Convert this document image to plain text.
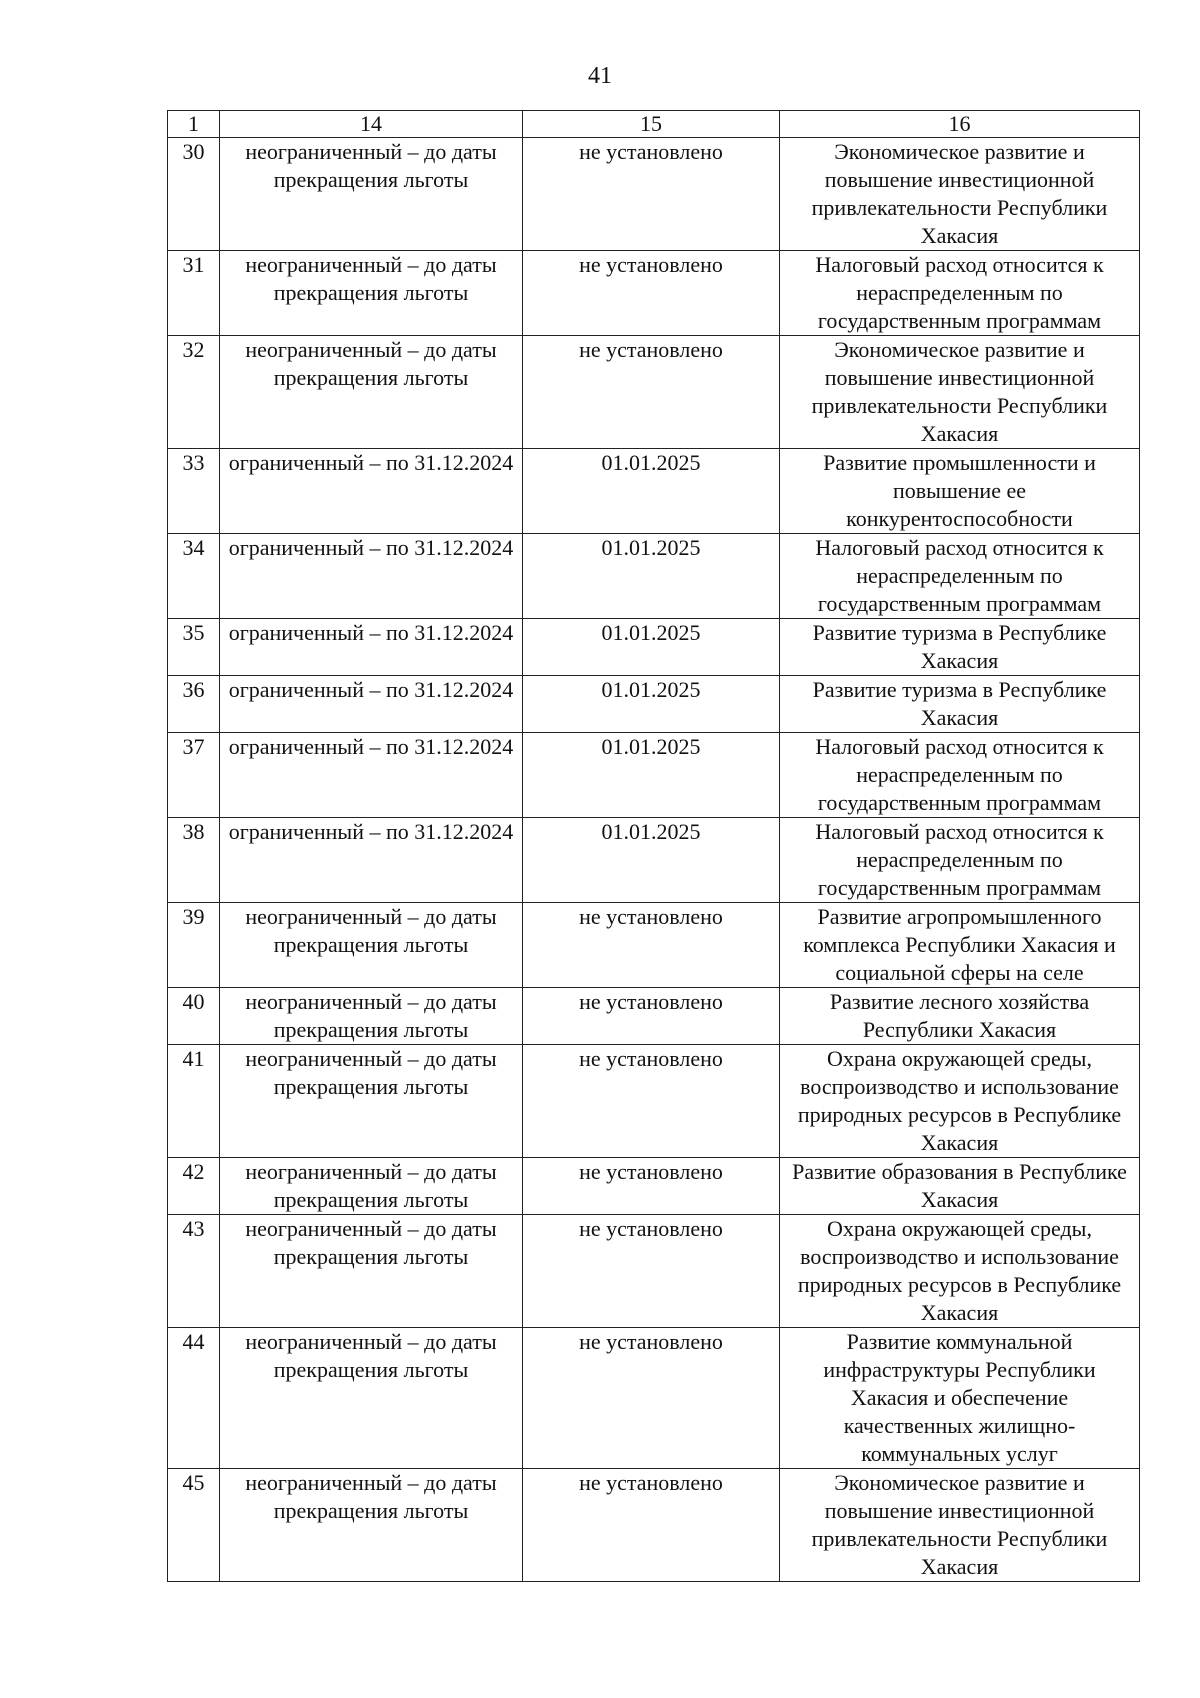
41
1	14	15	16
30	неограниченный – до даты прекращения льготы	не установлено	Экономическое развитие и повышение инвестиционной привлекательности Республики Хакасия
31	неограниченный – до даты прекращения льготы	не установлено	Налоговый расход относится к нераспределенным по государственным программам
32	неограниченный – до даты прекращения льготы	не установлено	Экономическое развитие и повышение инвестиционной привлекательности Республики Хакасия
33	ограниченный – по 31.12.2024	01.01.2025	Развитие промышленности и повышение ее конкурентоспособности
34	ограниченный – по 31.12.2024	01.01.2025	Налоговый расход относится к нераспределенным по государственным программам
35	ограниченный – по 31.12.2024	01.01.2025	Развитие туризма в Республике Хакасия
36	ограниченный – по 31.12.2024	01.01.2025	Развитие туризма в Республике Хакасия
37	ограниченный – по 31.12.2024	01.01.2025	Налоговый расход относится к нераспределенным по государственным программам
38	ограниченный – по 31.12.2024	01.01.2025	Налоговый расход относится к нераспределенным по государственным программам
39	неограниченный – до даты прекращения льготы	не установлено	Развитие агропромышленного комплекса Республики Хакасия и социальной сферы на селе
40	неограниченный – до даты прекращения льготы	не установлено	Развитие лесного хозяйства Республики Хакасия
41	неограниченный – до даты прекращения льготы	не установлено	Охрана окружающей среды, воспроизводство и использование природных ресурсов в Республике Хакасия
42	неограниченный – до даты прекращения льготы	не установлено	Развитие образования в Республике Хакасия
43	неограниченный – до даты прекращения льготы	не установлено	Охрана окружающей среды, воспроизводство и использование природных ресурсов в Республике Хакасия
44	неограниченный – до даты прекращения льготы	не установлено	Развитие коммунальной инфраструктуры Республики Хакасия и обеспечение качественных жилищно-коммунальных услуг
45	неограниченный – до даты прекращения льготы	не установлено	Экономическое развитие и повышение инвестиционной привлекательности Республики Хакасия
